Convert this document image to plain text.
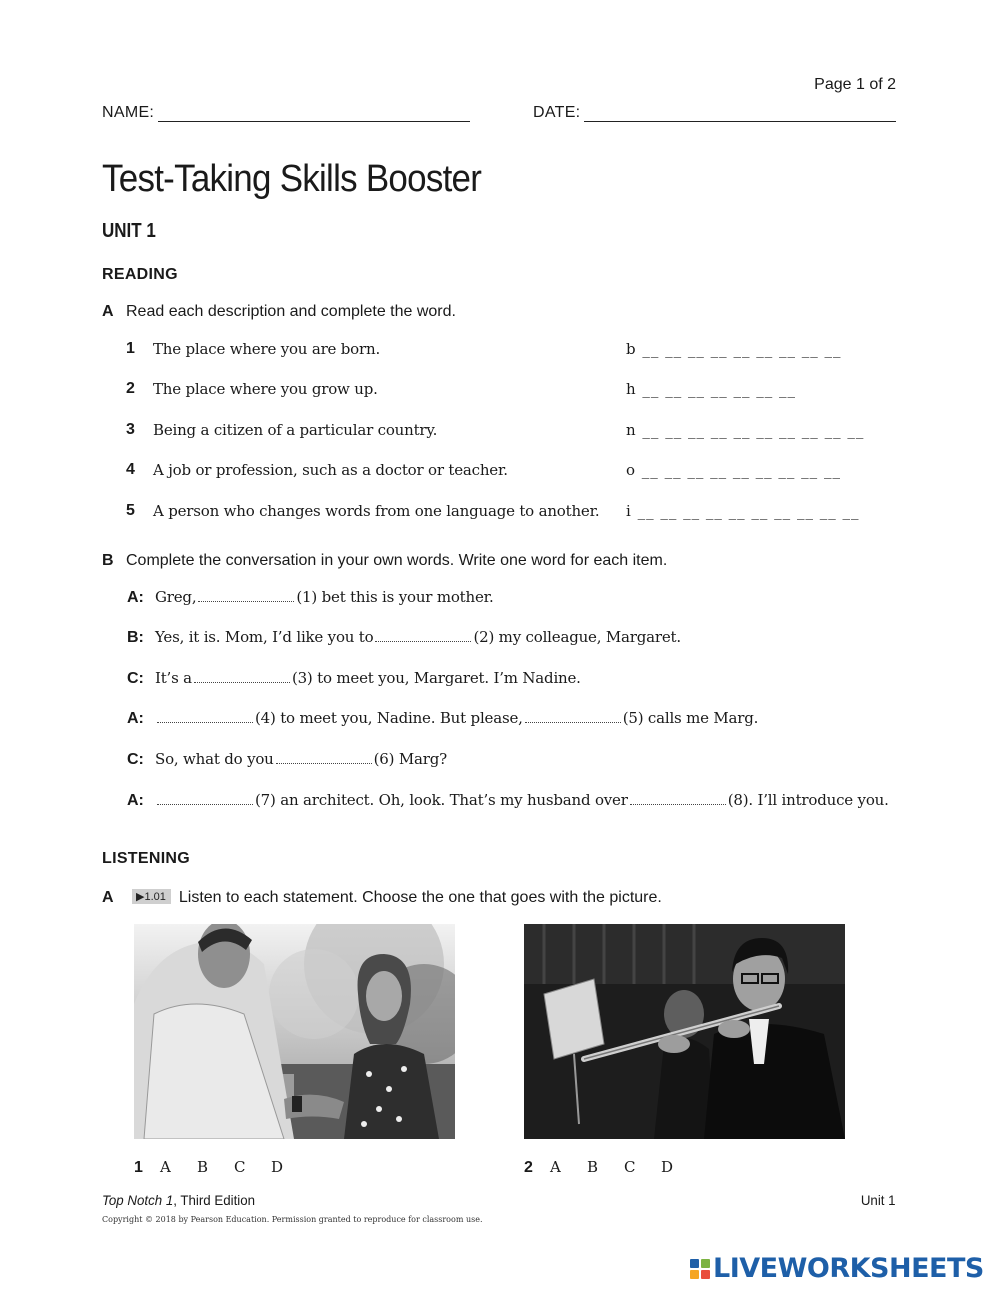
Page 1 of 2
NAME:	DATE:
Test-Taking Skills Booster
UNIT 1
READING
A Read each description and complete the word.
1	The place where you are born.	b __ __ __ __ __ __ __ __ __
2	The place where you grow up.	h __ __ __ __ __ __ __
3	Being a citizen of a particular country.	n __ __ __ __ __ __ __ __ __ __
4	A job or profession, such as a doctor or teacher.	o __ __ __ __ __ __ __ __ __
5	A person who changes words from one language to another. i __ __ __ __ __ __ __ __ __ __
B Complete the conversation in your own words. Write one word for each item.
A: Greg,	(1) bet this is your mother.
B: Yes, it is. Mom, I’d like you to	(2) my colleague, Margaret.
C: It’s a	(3) to meet you, Margaret. I’m Nadine.
A:	(4) to meet you, Nadine. But please,	(5) calls me Marg.
C: So, what do you	(6) Marg?
A:	(7) an architect. Oh, look. That’s my husband over	(8). I’ll introduce you.
LISTENING
A ▶1.01 Listen to each statement. Choose the one that goes with the picture.
1	A	B	C	D	2	A	B	C	D
Top Notch 1, Third Edition	Unit 1
Copyright © 2018 by Pearson Education. Permission granted to reproduce for classroom use.
LIVEWORKSHEETS
